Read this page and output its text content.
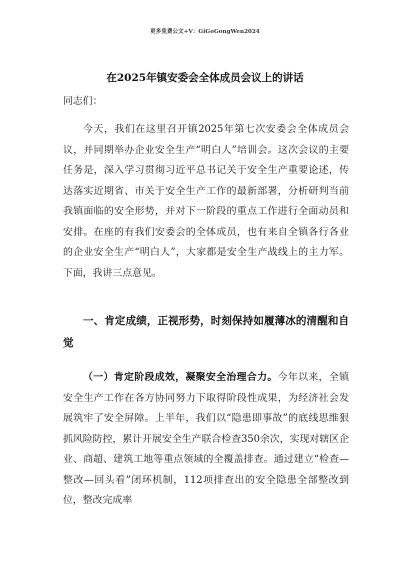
更多免费公文+V：GiGoGongWen2024
在2025年镇安委会全体成员会议上的讲话
同志们：
今天，我们在这里召开镇2025年第七次安委会全体成员会议，并同期举办企业安全生产“明白人”培训会。这次会议的主要任务是，深入学习贯彻习近平总书记关于安全生产重要论述，传达落实近期省、市关于安全生产工作的最新部署，分析研判当前我镇面临的安全形势，并对下一阶段的重点工作进行全面动员和安排。在座的有我们安委会的全体成员，也有来自全镇各行各业的企业安全生产“明白人”，大家都是安全生产战线上的主力军。下面，我讲三点意见。
一、肯定成绩，正视形势，时刻保持如履薄冰的清醒和自觉
（一）肯定阶段成效，凝聚安全治理合力。今年以来，全镇安全生产工作在各方协同努力下取得阶段性成果，为经济社会发展筑牢了安全屏障。上半年，我们以“隐患即事故”的底线思维狠抓风险防控，累计开展安全生产联合检查350余次，实现对辖区企业、商超、建筑工地等重点领域的全覆盖排查。通过建立“检查—整改—回头看”闭环机制，112项排查出的安全隐患全部整改到位，整改完成率
